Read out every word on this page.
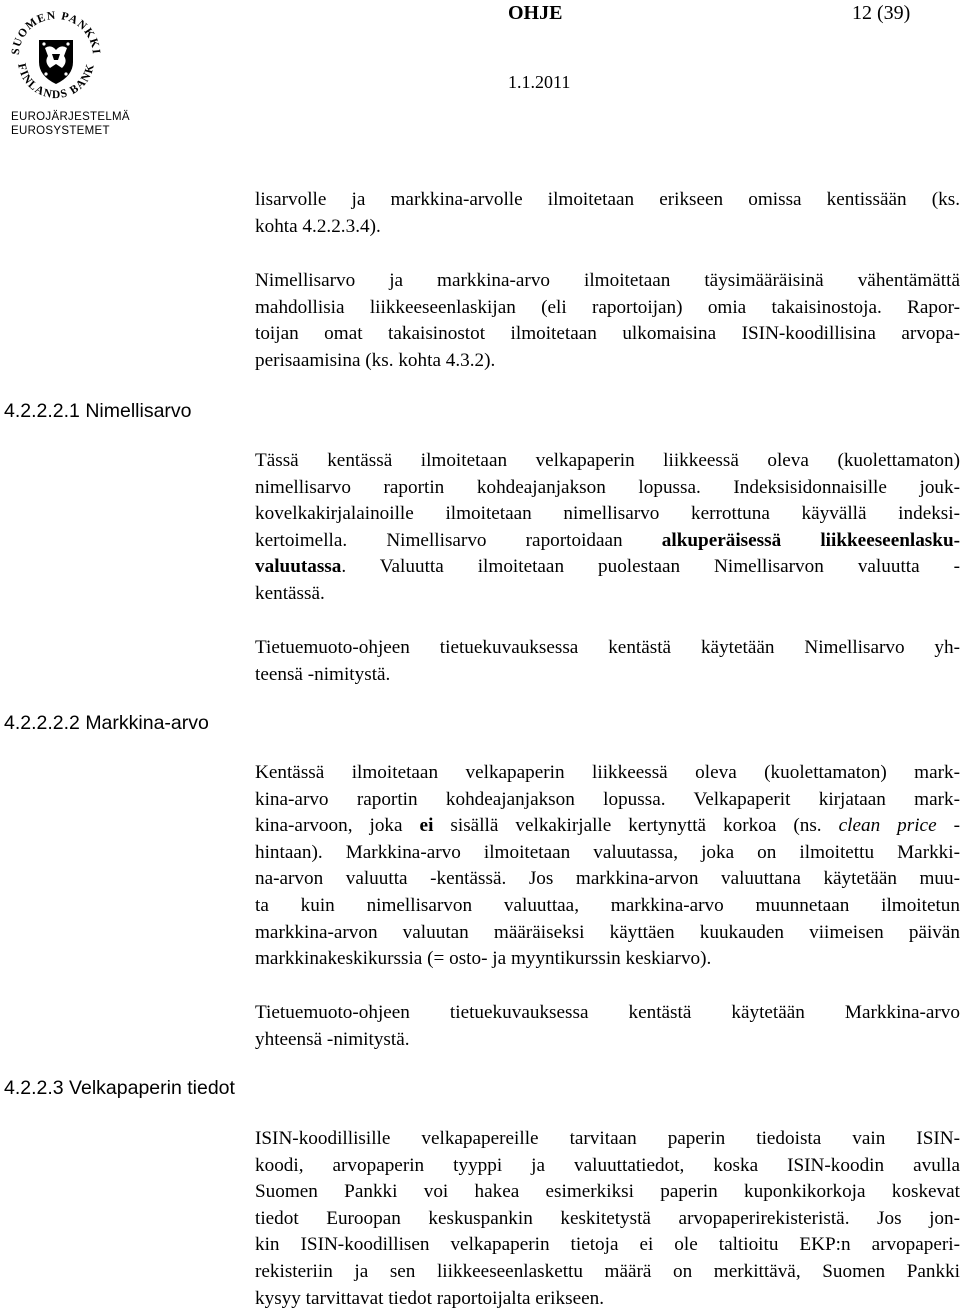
SUOMEN PANKKI
FINLANDS BANK
EUROJÄRJESTELMÄ
EUROSYSTEMET
OHJE	12 (39)
1.1.2011
4.2.2.2.1 Nimellisarvo
4.2.2.2.2 Markkina-arvo
4.2.2.3 Velkapaperin tiedot
lisarvolle ja markkina-arvolle ilmoitetaan erikseen omissa kentissään (ks.
kohta 4.2.2.3.4).
Nimellisarvo ja markkina-arvo ilmoitetaan täysimääräisinä vähentämättä
mahdollisia liikkeeseenlaskijan (eli raportoijan) omia takaisinostoja. Rapor-
toijan omat takaisinostot ilmoitetaan ulkomaisina ISIN-koodillisina arvopa-
perisaamisina (ks. kohta 4.3.2).
Tässä kentässä ilmoitetaan velkapaperin liikkeessä oleva (kuolettamaton)
nimellisarvo raportin kohdeajanjakson lopussa. Indeksisidonnaisille jouk-
kovelkakirjalainoille ilmoitetaan nimellisarvo kerrottuna käyvällä indeksi-
kertoimella. Nimellisarvo raportoidaan alkuperäisessä liikkeeseenlasku-
valuutassa. Valuutta ilmoitetaan puolestaan Nimellisarvon valuutta -
kentässä.
Tietuemuoto-ohjeen tietuekuvauksessa kentästä käytetään Nimellisarvo yh-
teensä -nimitystä.
Kentässä ilmoitetaan velkapaperin liikkeessä oleva (kuolettamaton) mark-
kina-arvo raportin kohdeajanjakson lopussa. Velkapaperit kirjataan mark-
kina-arvoon, joka ei sisällä velkakirjalle kertynyttä korkoa (ns. clean price -
hintaan). Markkina-arvo ilmoitetaan valuutassa, joka on ilmoitettu Markki-
na-arvon valuutta -kentässä. Jos markkina-arvon valuuttana käytetään muu-
ta kuin nimellisarvon valuuttaa, markkina-arvo muunnetaan ilmoitetun
markkina-arvon valuutan määräiseksi käyttäen kuukauden viimeisen päivän
markkinakeskikurssia (= osto- ja myyntikurssin keskiarvo).
Tietuemuoto-ohjeen tietuekuvauksessa kentästä käytetään Markkina-arvo
yhteensä -nimitystä.
ISIN-koodillisille velkapapereille tarvitaan paperin tiedoista vain ISIN-
koodi, arvopaperin tyyppi ja valuuttatiedot, koska ISIN-koodin avulla
Suomen Pankki voi hakea esimerkiksi paperin kuponkikorkoja koskevat
tiedot Euroopan keskuspankin keskitetystä arvopaperirekisteristä. Jos jon-
kin ISIN-koodillisen velkapaperin tietoja ei ole taltioitu EKP:n arvopaperi-
rekisteriin ja sen liikkeeseenlaskettu määrä on merkittävä, Suomen Pankki
kysyy tarvittavat tiedot raportoijalta erikseen.
